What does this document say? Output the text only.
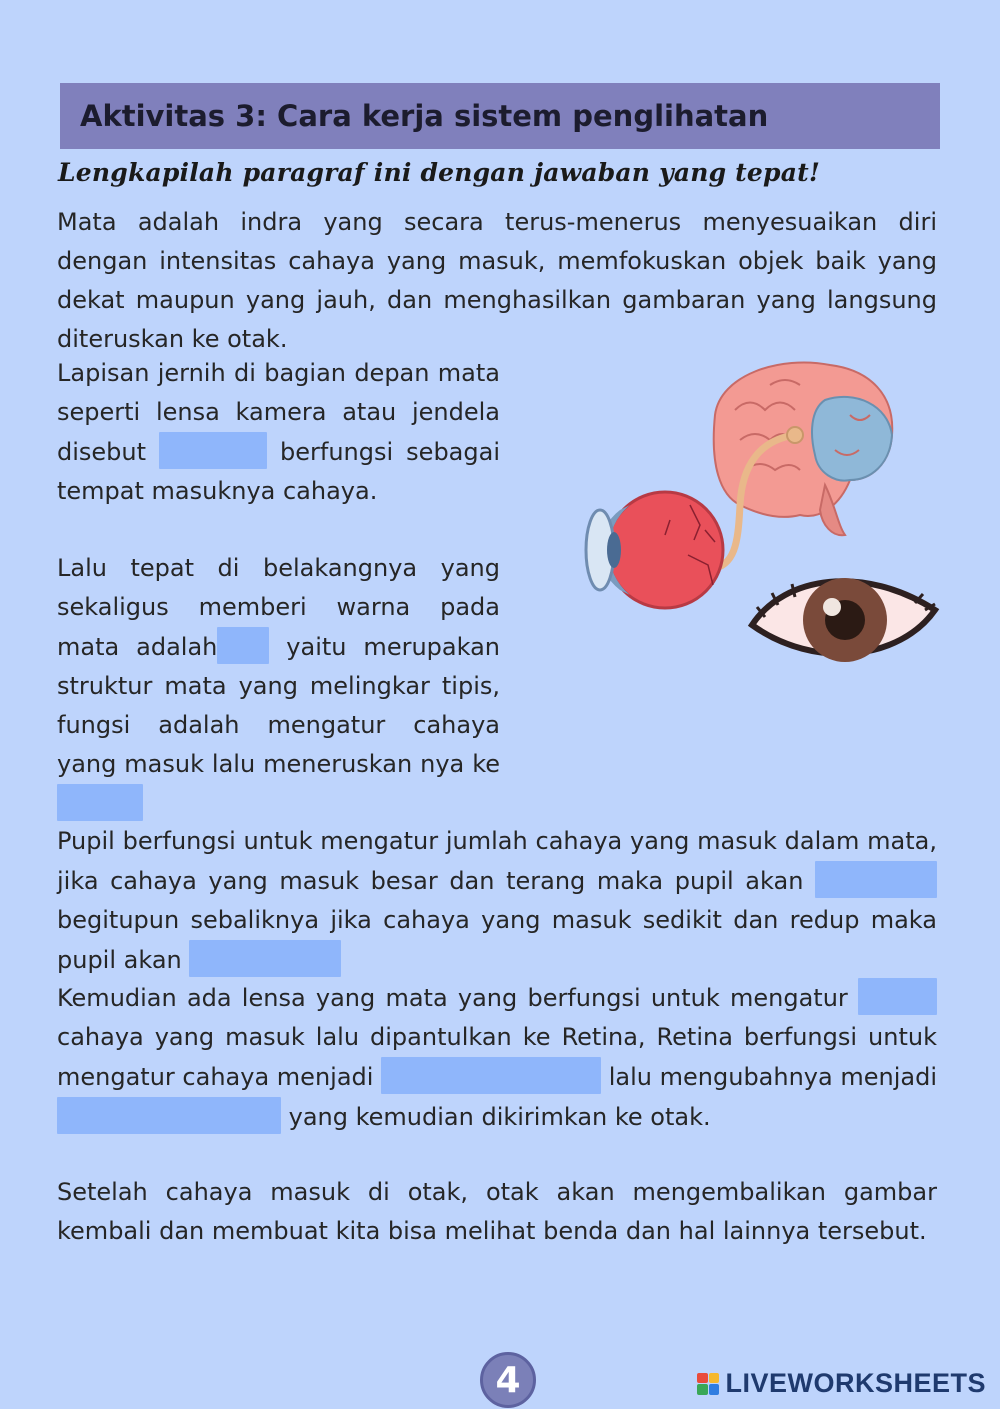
Aktivitas 3: Cara kerja sistem penglihatan
Lengkapilah paragraf ini dengan jawaban yang tepat!

Mata adalah indra yang secara terus-menerus menyesuaikan diri dengan intensitas cahaya yang masuk, memfokuskan objek baik yang dekat maupun yang jauh, dan menghasilkan gambaran yang langsung diteruskan ke otak.

Lapisan jernih di bagian depan mata seperti lensa kamera atau jendela disebut	berfungsi sebagai tempat masuknya cahaya.

Lalu tepat di belakangnya yang sekaligus memberi warna pada mata adalah yaitu merupakan struktur mata yang melingkar tipis, fungsi adalah mengatur cahaya yang masuk lalu meneruskan nya ke

Pupil berfungsi untuk mengatur jumlah cahaya yang masuk dalam mata, jika cahaya yang masuk besar dan terang maka pupil akan  begitupun sebaliknya jika cahaya yang masuk sedikit dan redup maka pupil akan

Kemudian ada lensa yang mata yang berfungsi untuk mengatur  cahaya yang masuk lalu dipantulkan ke Retina, Retina berfungsi untuk mengatur cahaya menjadi	lalu mengubahnya menjadi  yang kemudian dikirimkan ke otak.

Setelah cahaya masuk di otak, otak akan mengembalikan gambar kembali dan membuat kita bisa melihat benda dan hal lainnya tersebut.

4	LIVEWORKSHEETS
